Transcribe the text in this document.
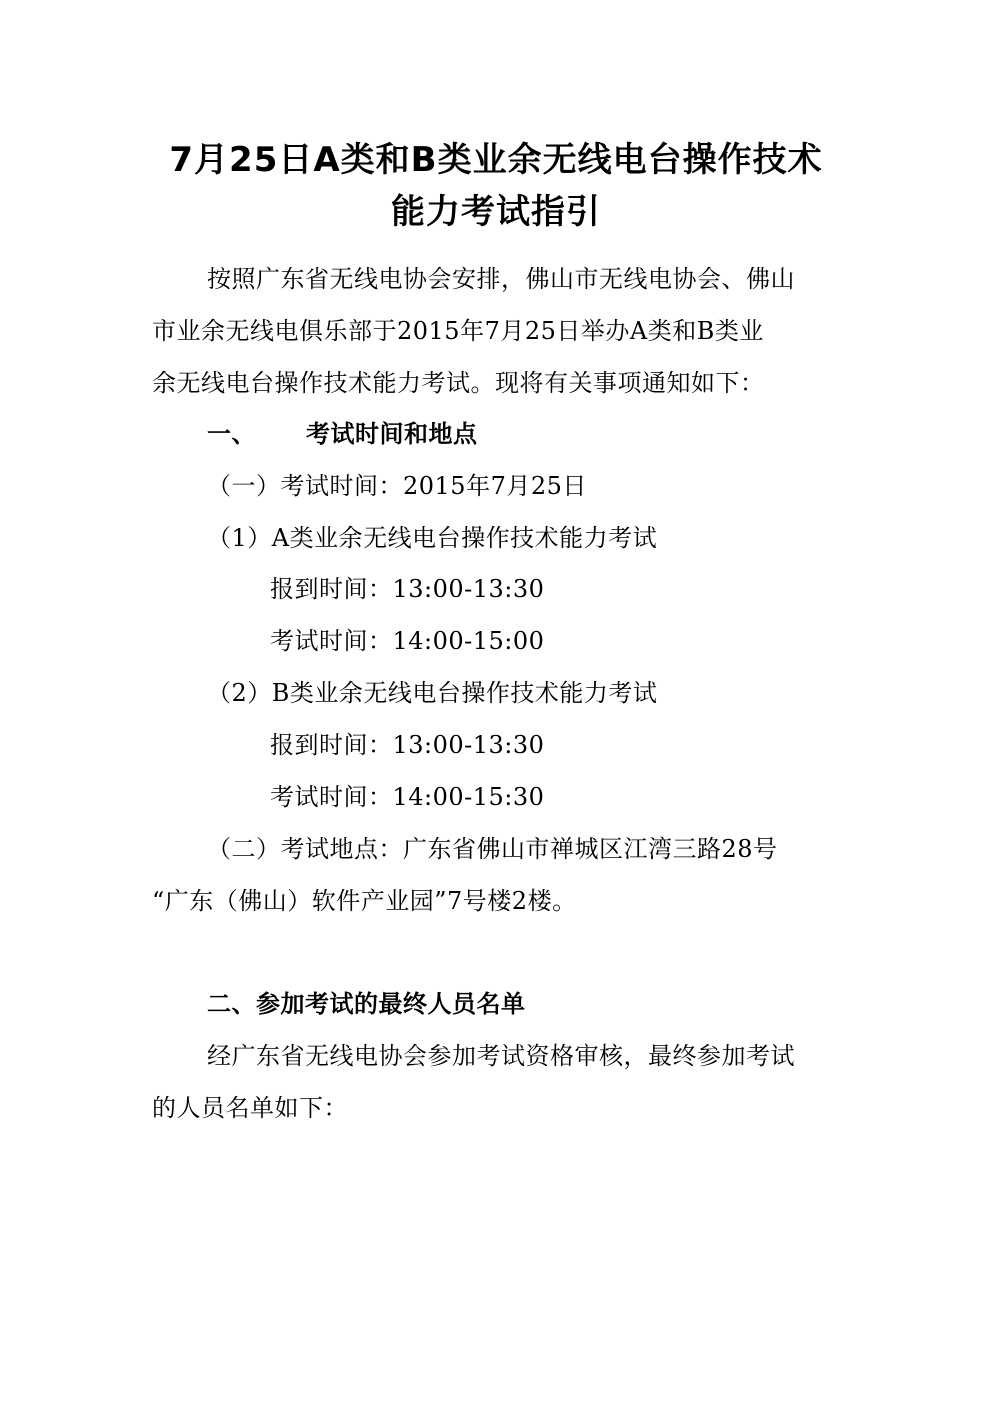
7月25日A类和B类业余无线电台操作技术
能力考试指引
按照广东省无线电协会安排，佛山市无线电协会、佛山
市业余无线电俱乐部于2015年7月25日举办A类和B类业
余无线电台操作技术能力考试。现将有关事项通知如下：
一、 考试时间和地点
（一）考试时间：2015年7月25日
（1）A类业余无线电台操作技术能力考试
报到时间：13:00-13:30
考试时间：14:00-15:00
（2）B类业余无线电台操作技术能力考试
报到时间：13:00-13:30
考试时间：14:00-15:30
（二）考试地点：广东省佛山市禅城区江湾三路28号
“广东（佛山）软件产业园”7号楼2楼。
二、参加考试的最终人员名单
经广东省无线电协会参加考试资格审核，最终参加考试
的人员名单如下：
